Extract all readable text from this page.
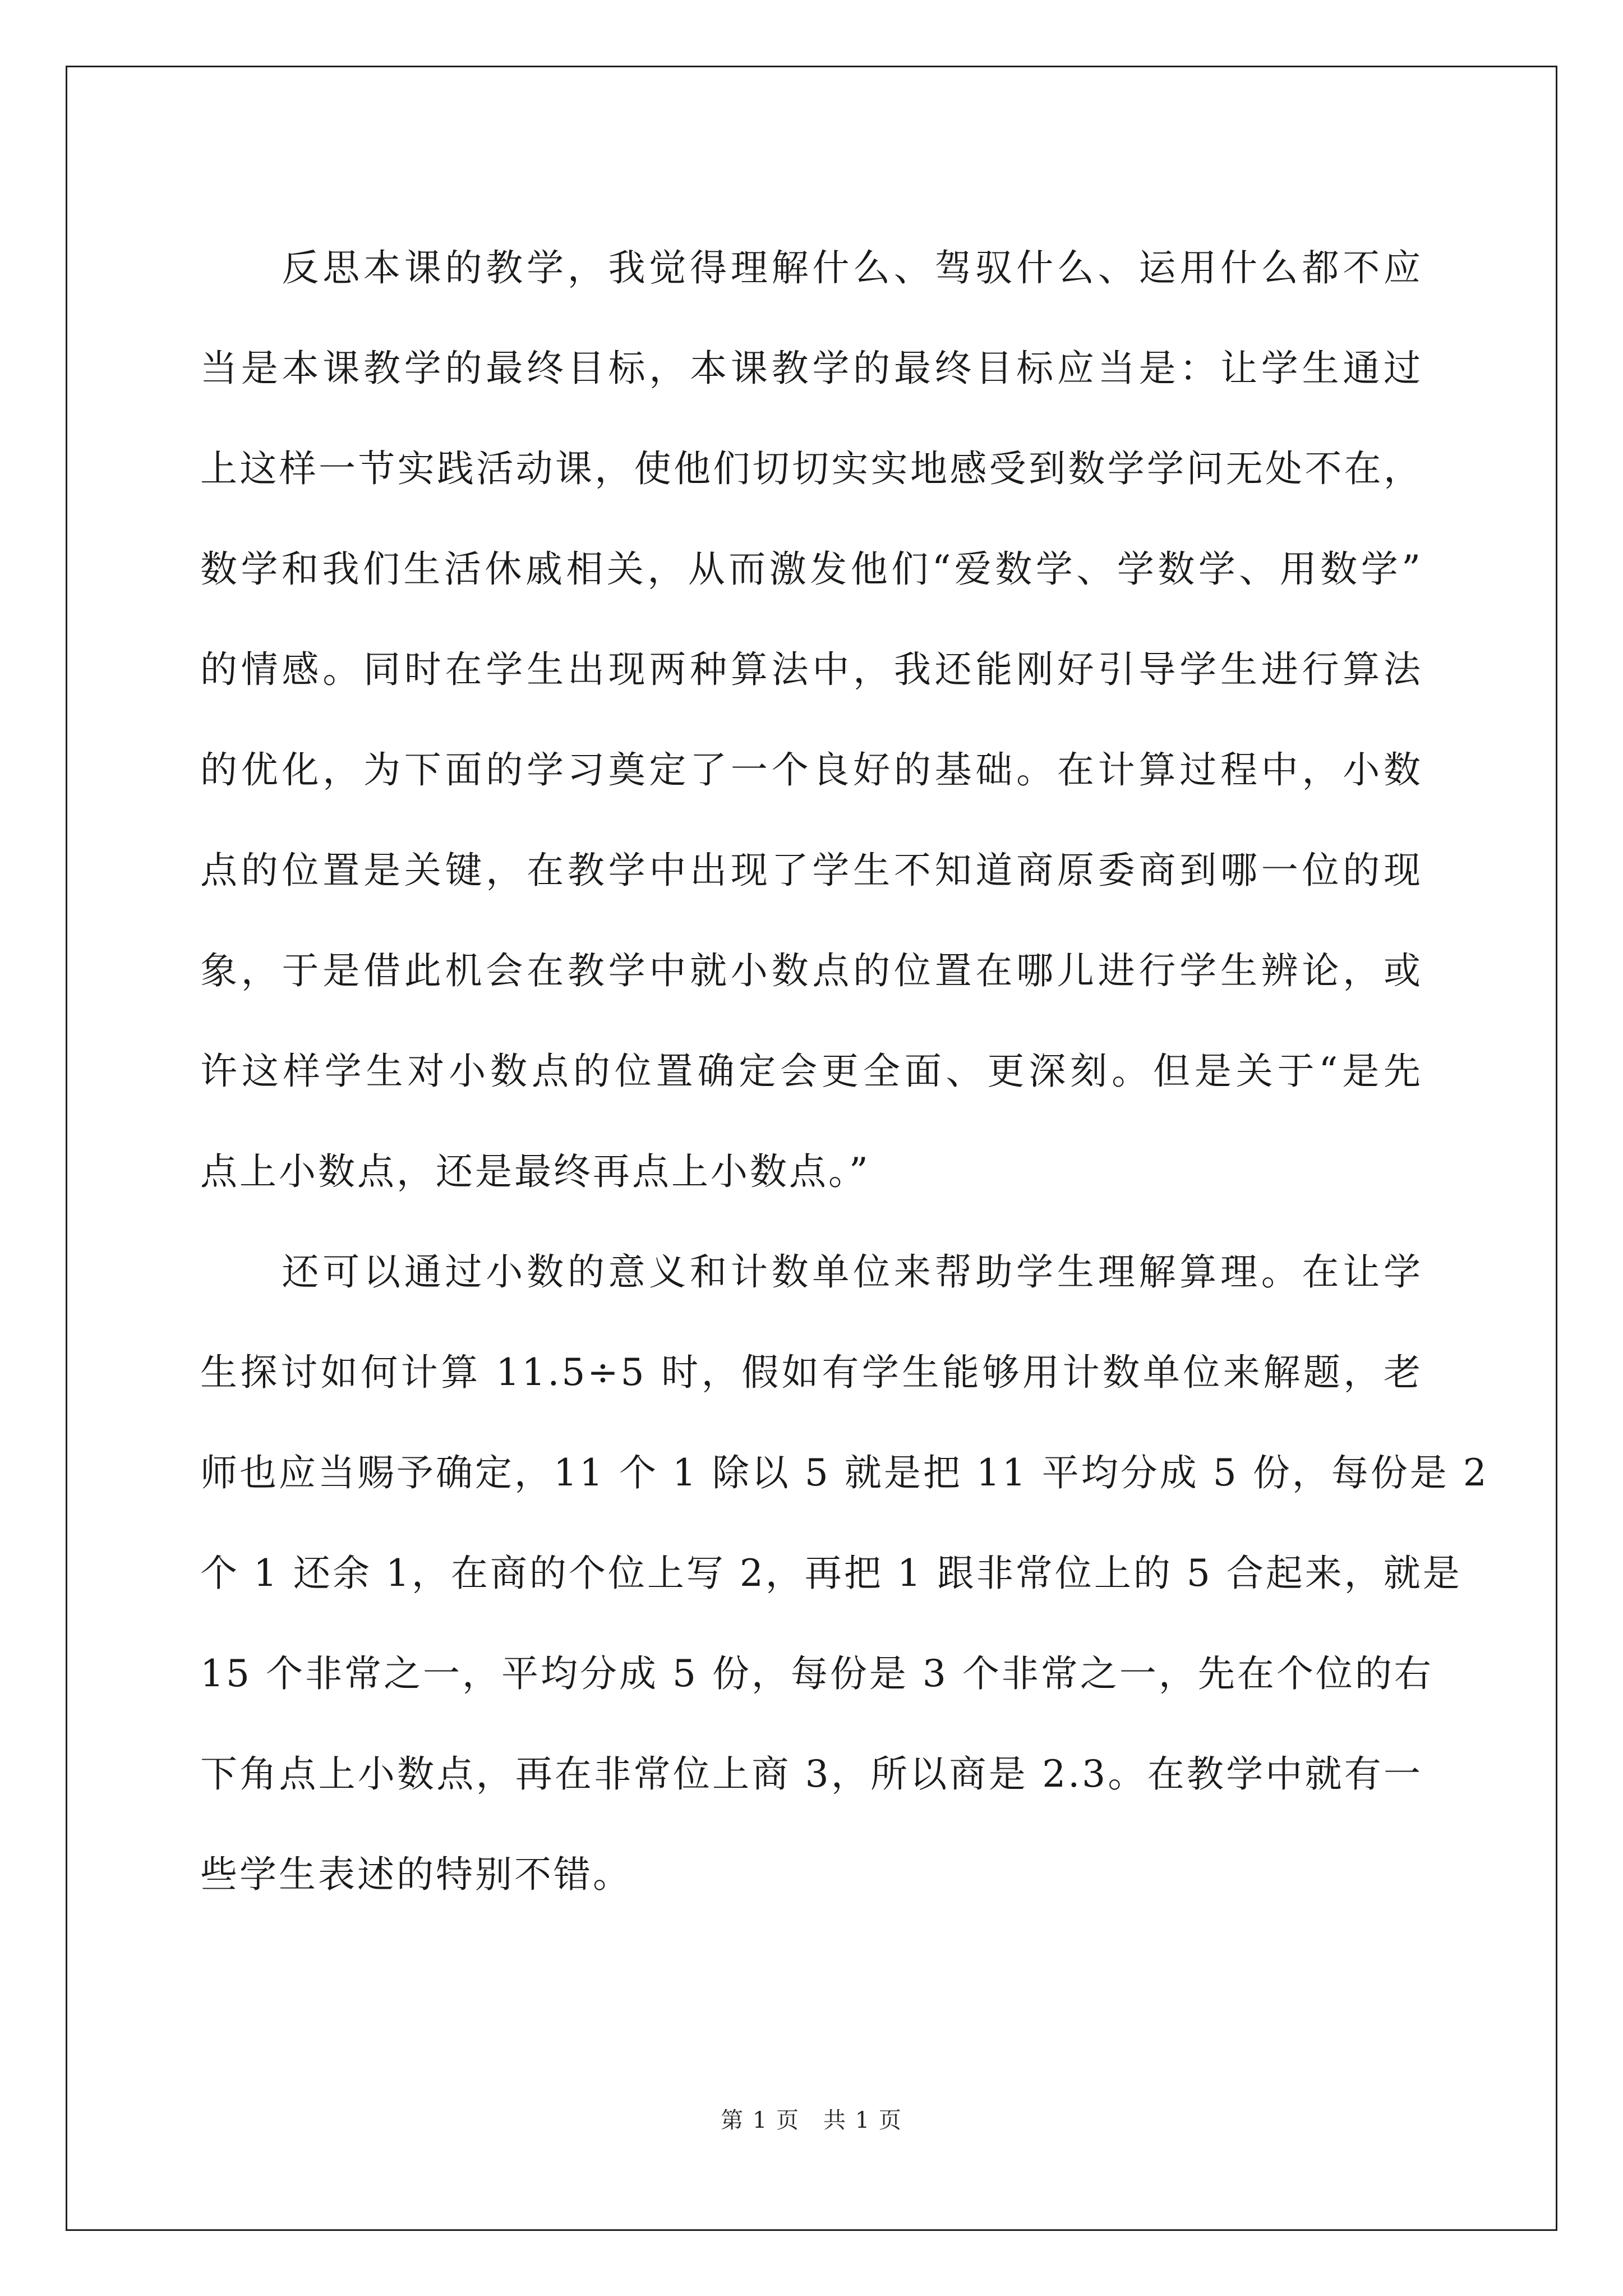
　　反思本课的教学，我觉得理解什么、驾驭什么、运用什么都不应
当是本课教学的最终目标，本课教学的最终目标应当是：让学生通过
上这样一节实践活动课，使他们切切实实地感受到数学学问无处不在，
数学和我们生活休戚相关，从而激发他们“爱数学、学数学、用数学”
的情感。同时在学生出现两种算法中，我还能刚好引导学生进行算法
的优化，为下面的学习奠定了一个良好的基础。在计算过程中，小数
点的位置是关键，在教学中出现了学生不知道商原委商到哪一位的现
象，于是借此机会在教学中就小数点的位置在哪儿进行学生辨论，或
许这样学生对小数点的位置确定会更全面、更深刻。但是关于“是先
点上小数点，还是最终再点上小数点。”

　　还可以通过小数的意义和计数单位来帮助学生理解算理。在让学
生探讨如何计算 11.5÷5 时，假如有学生能够用计数单位来解题，老
师也应当赐予确定，11 个 1 除以 5 就是把 11 平均分成 5 份，每份是 2
个 1 还余 1，在商的个位上写 2，再把 1 跟非常位上的 5 合起来，就是
15 个非常之一，平均分成 5 份，每份是 3 个非常之一，先在个位的右
下角点上小数点，再在非常位上商 3，所以商是 2.3。在教学中就有一
些学生表述的特别不错。

第 1 页　共 1 页
